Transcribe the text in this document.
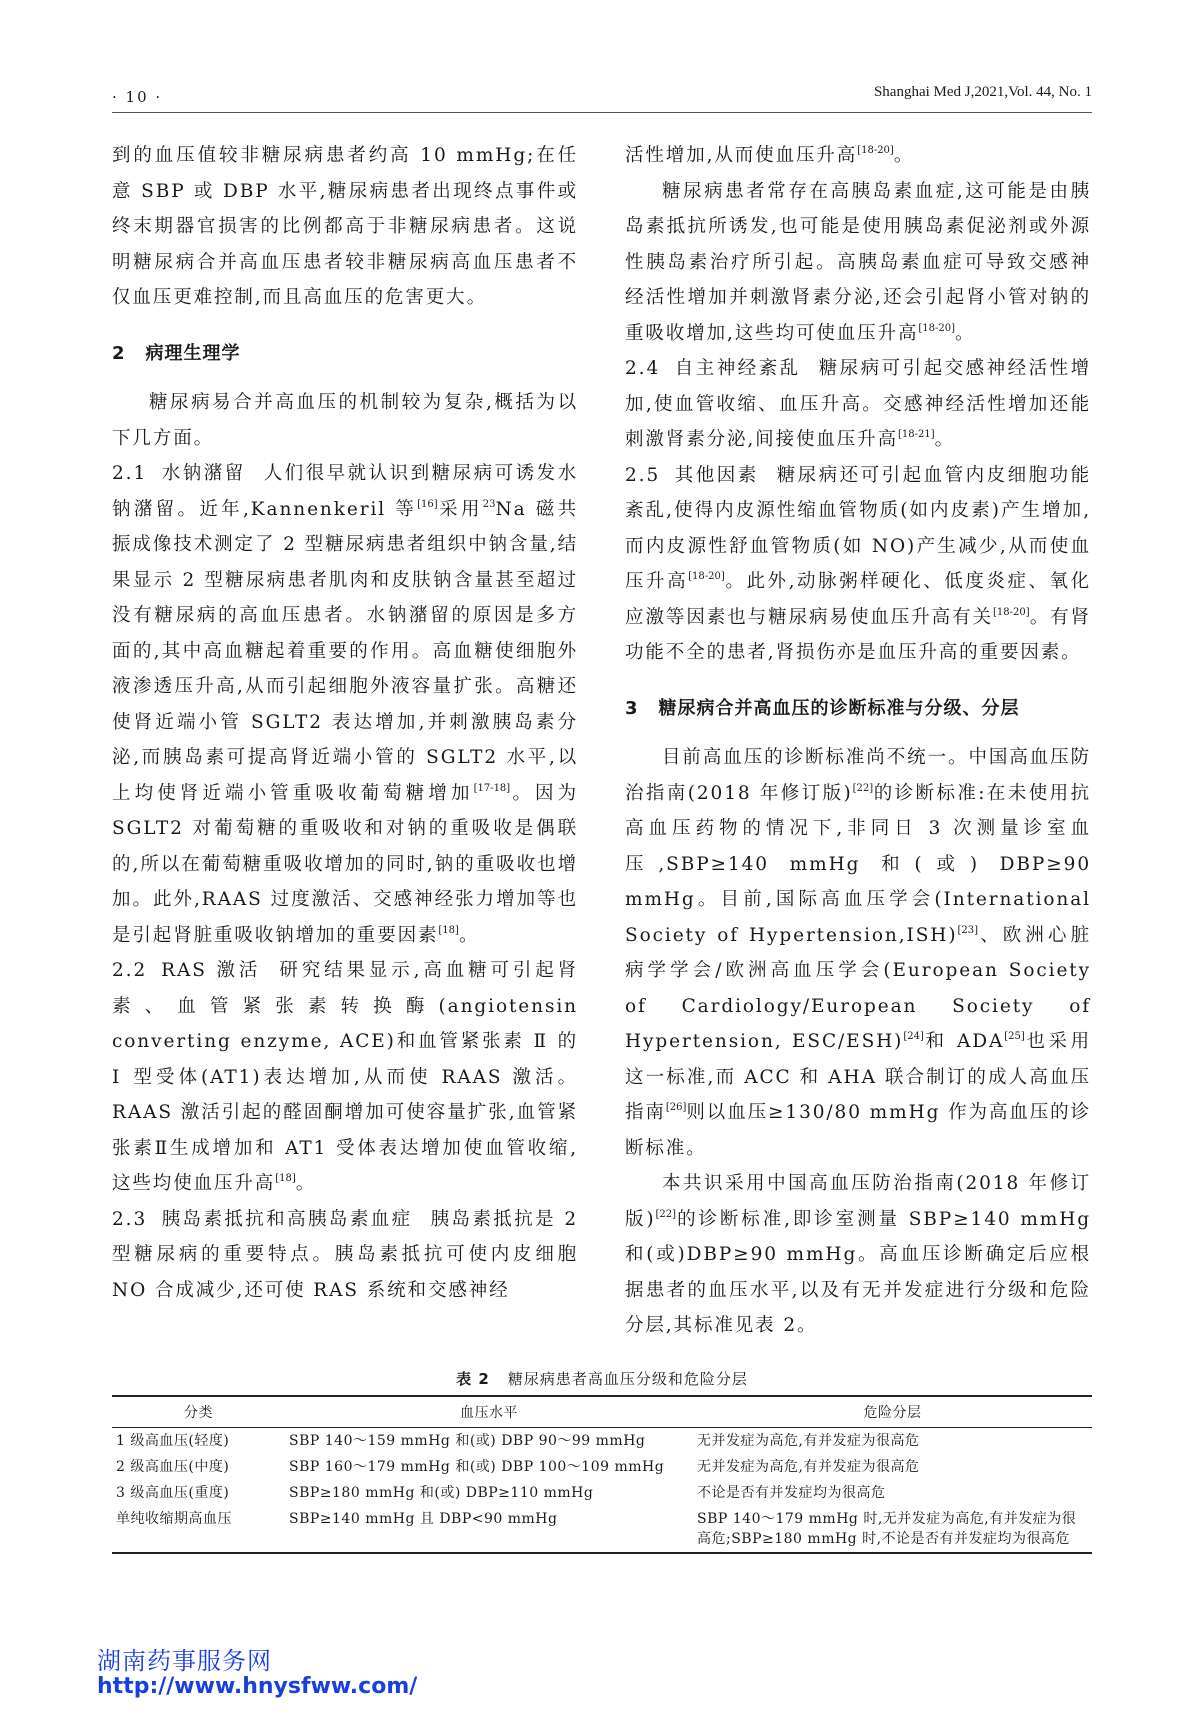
· 10 ·	Shanghai Med J,2021,Vol. 44, No. 1

到的血压值较非糖尿病患者约高 10 mmHg;在任意 SBP 或 DBP 水平,糖尿病患者出现终点事件或终末期器官损害的比例都高于非糖尿病患者。这说明糖尿病合并高血压患者较非糖尿病高血压患者不仅血压更难控制,而且高血压的危害更大。

2 病理生理学

糖尿病易合并高血压的机制较为复杂,概括为以下几方面。

2.1 水钠潴留 人们很早就认识到糖尿病可诱发水钠潴留。近年,Kannenkeril 等[16]采用$^{23}$Na 磁共振成像技术测定了 2 型糖尿病患者组织中钠含量,结果显示 2 型糖尿病患者肌肉和皮肤钠含量甚至超过没有糖尿病的高血压患者。水钠潴留的原因是多方面的,其中高血糖起着重要的作用。高血糖使细胞外液渗透压升高,从而引起细胞外液容量扩张。高糖还使肾近端小管 SGLT2 表达增加,并刺激胰岛素分泌,而胰岛素可提高肾近端小管的 SGLT2 水平,以上均使肾近端小管重吸收葡萄糖增加[17-18]。因为 SGLT2 对葡萄糖的重吸收和对钠的重吸收是偶联的,所以在葡萄糖重吸收增加的同时,钠的重吸收也增加。此外,RAAS 过度激活、交感神经张力增加等也是引起肾脏重吸收钠增加的重要因素[18]。

2.2 RAS 激活 研究结果显示,高血糖可引起肾素、血管紧张素转换酶(angiotensin converting enzyme, ACE)和血管紧张素 Ⅱ 的 Ⅰ 型受体(AT1)表达增加,从而使 RAAS 激活。RAAS 激活引起的醛固酮增加可使容量扩张,血管紧张素Ⅱ生成增加和 AT1 受体表达增加使血管收缩,这些均使血压升高[18]。

2.3 胰岛素抵抗和高胰岛素血症 胰岛素抵抗是 2 型糖尿病的重要特点。胰岛素抵抗可使内皮细胞 NO 合成减少,还可使 RAS 系统和交感神经

活性增加,从而使血压升高[18-20]。

糖尿病患者常存在高胰岛素血症,这可能是由胰岛素抵抗所诱发,也可能是使用胰岛素促泌剂或外源性胰岛素治疗所引起。高胰岛素血症可导致交感神经活性增加并刺激肾素分泌,还会引起肾小管对钠的重吸收增加,这些均可使血压升高[18-20]。

2.4 自主神经紊乱 糖尿病可引起交感神经活性增加,使血管收缩、血压升高。交感神经活性增加还能刺激肾素分泌,间接使血压升高[18-21]。

2.5 其他因素 糖尿病还可引起血管内皮细胞功能紊乱,使得内皮源性缩血管物质(如内皮素)产生增加,而内皮源性舒血管物质(如 NO)产生减少,从而使血压升高[18-20]。此外,动脉粥样硬化、低度炎症、氧化应激等因素也与糖尿病易使血压升高有关[18-20]。有肾功能不全的患者,肾损伤亦是血压升高的重要因素。

3 糖尿病合并高血压的诊断标准与分级、分层

目前高血压的诊断标准尚不统一。中国高血压防治指南(2018 年修订版)[22]的诊断标准:在未使用抗高血压药物的情况下,非同日 3 次测量诊室血压,SBP≥140 mmHg 和(或) DBP≥90 mmHg。目前,国际高血压学会(International Society of Hypertension,ISH)[23]、欧洲心脏病学学会/欧洲高血压学会(European Society of Cardiology/European Society of Hypertension, ESC/ESH)[24]和 ADA[25]也采用这一标准,而 ACC 和 AHA 联合制订的成人高血压指南[26]则以血压≥130/80 mmHg 作为高血压的诊断标准。

本共识采用中国高血压防治指南(2018 年修订版)[22]的诊断标准,即诊室测量 SBP≥140 mmHg 和(或)DBP≥90 mmHg。高血压诊断确定后应根据患者的血压水平,以及有无并发症进行分级和危险分层,其标准见表 2。

表 2 糖尿病患者高血压分级和危险分层
分类	血压水平	危险分层
1 级高血压(轻度)	SBP 140～159 mmHg 和(或) DBP 90～99 mmHg	无并发症为高危,有并发症为很高危
2 级高血压(中度)	SBP 160～179 mmHg 和(或) DBP 100～109 mmHg	无并发症为高危,有并发症为很高危
3 级高血压(重度)	SBP≥180 mmHg 和(或) DBP≥110 mmHg	不论是否有并发症均为很高危
单纯收缩期高血压	SBP≥140 mmHg 且 DBP<90 mmHg	SBP 140～179 mmHg 时,无并发症为高危,有并发症为很高危;SBP≥180 mmHg 时,不论是否有并发症均为很高危
湖南药事服务网
http://www.hnysfww.com/
